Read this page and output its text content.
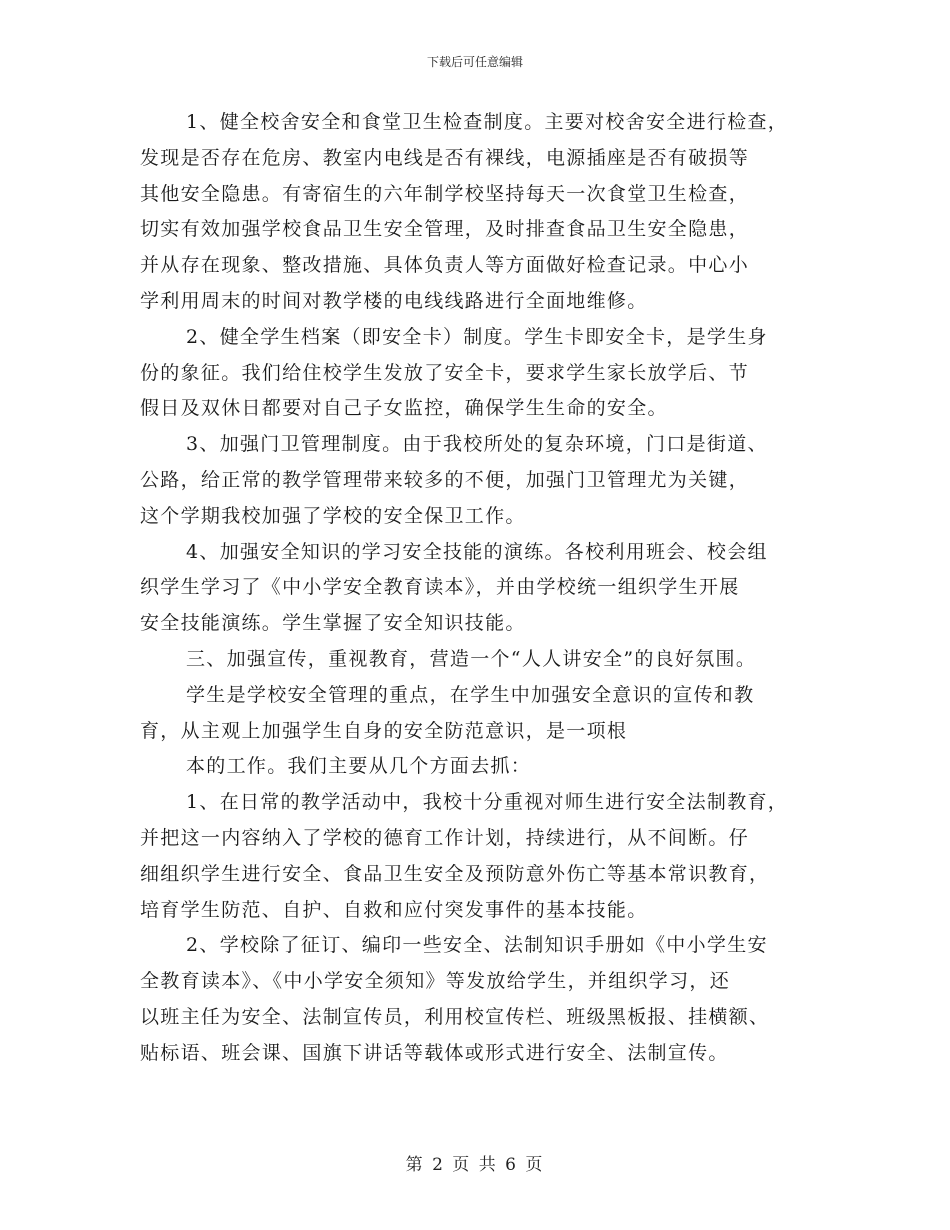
下载后可任意编辑
1、健全校舍安全和食堂卫生检查制度。主要对校舍安全进行检查，
发现是否存在危房、教室内电线是否有裸线，电源插座是否有破损等
其他安全隐患。有寄宿生的六年制学校坚持每天一次食堂卫生检查，
切实有效加强学校食品卫生安全管理，及时排查食品卫生安全隐患，
并从存在现象、整改措施、具体负责人等方面做好检查记录。中心小
学利用周末的时间对教学楼的电线线路进行全面地维修。
2、健全学生档案（即安全卡）制度。学生卡即安全卡，是学生身
份的象征。我们给住校学生发放了安全卡，要求学生家长放学后、节
假日及双休日都要对自己子女监控，确保学生生命的安全。
3、加强门卫管理制度。由于我校所处的复杂环境，门口是街道、
公路，给正常的教学管理带来较多的不便，加强门卫管理尤为关键，
这个学期我校加强了学校的安全保卫工作。
4、加强安全知识的学习安全技能的演练。各校利用班会、校会组
织学生学习了《中小学安全教育读本》，并由学校统一组织学生开展
安全技能演练。学生掌握了安全知识技能。
三、加强宣传，重视教育，营造一个“人人讲安全”的良好氛围。
学生是学校安全管理的重点，在学生中加强安全意识的宣传和教
育，从主观上加强学生自身的安全防范意识，是一项根
本的工作。我们主要从几个方面去抓：
1、在日常的教学活动中，我校十分重视对师生进行安全法制教育，
并把这一内容纳入了学校的德育工作计划，持续进行，从不间断。仔
细组织学生进行安全、食品卫生安全及预防意外伤亡等基本常识教育，
培育学生防范、自护、自救和应付突发事件的基本技能。
2、学校除了征订、编印一些安全、法制知识手册如《中小学生安
全教育读本》、《中小学安全须知》等发放给学生，并组织学习，还
以班主任为安全、法制宣传员，利用校宣传栏、班级黑板报、挂横额、
贴标语、班会课、国旗下讲话等载体或形式进行安全、法制宣传。
第 2 页 共 6 页
